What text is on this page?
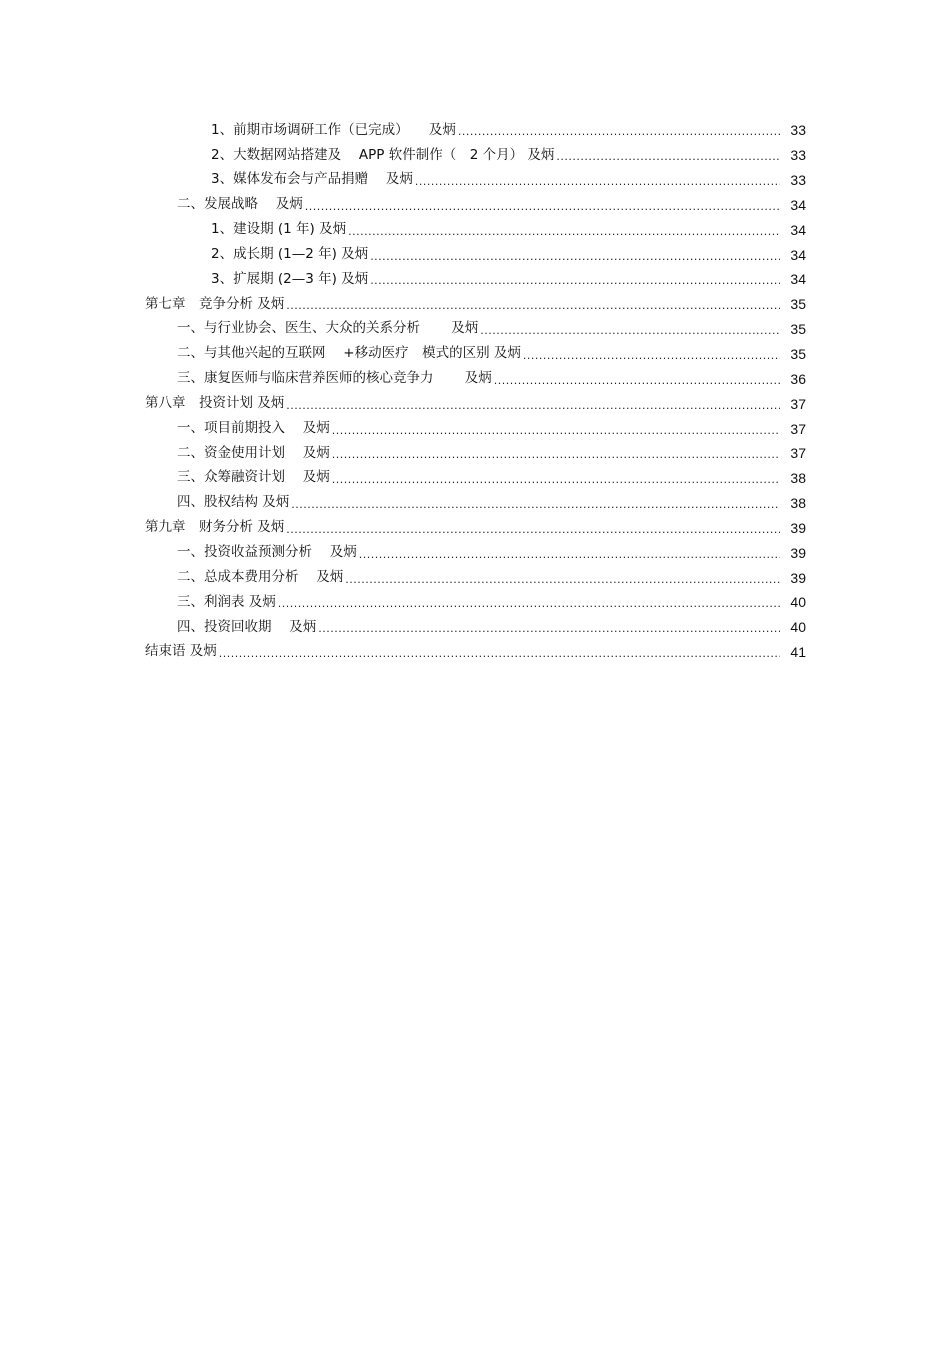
1、前期市场调研工作（已完成）　　及炳 .....	33
2、大数据网站搭建及　 APP 软件制作（　2 个月） 及炳 .....	33
3、媒体发布会与产品捐赠　 及炳 .....	33
二、发展战略　 及炳 .....	34
1、建设期 (1 年) 及炳 .....	34
2、成长期 (1—2 年) 及炳 .....	34
3、扩展期 (2—3 年) 及炳 .....	34
第七章　竞争分析 及炳 .....	35
一、与行业协会、医生、大众的关系分析　　 及炳 .....	35
二、与其他兴起的互联网　 +移动医疗　模式的区别 及炳 .....	35
三、康复医师与临床营养医师的核心竞争力　　 及炳 .....	36
第八章　投资计划 及炳 .....	37
一、项目前期投入　 及炳 .....	37
二、资金使用计划　 及炳 .....	37
三、众筹融资计划　 及炳 .....	38
四、股权结构 及炳 .....	38
第九章　财务分析 及炳 .....	39
一、投资收益预测分析　 及炳 .....	39
二、总成本费用分析　 及炳 .....	39
三、利润表 及炳 .....	40
四、投资回收期　 及炳 .....	40
结束语 及炳 .....	41
